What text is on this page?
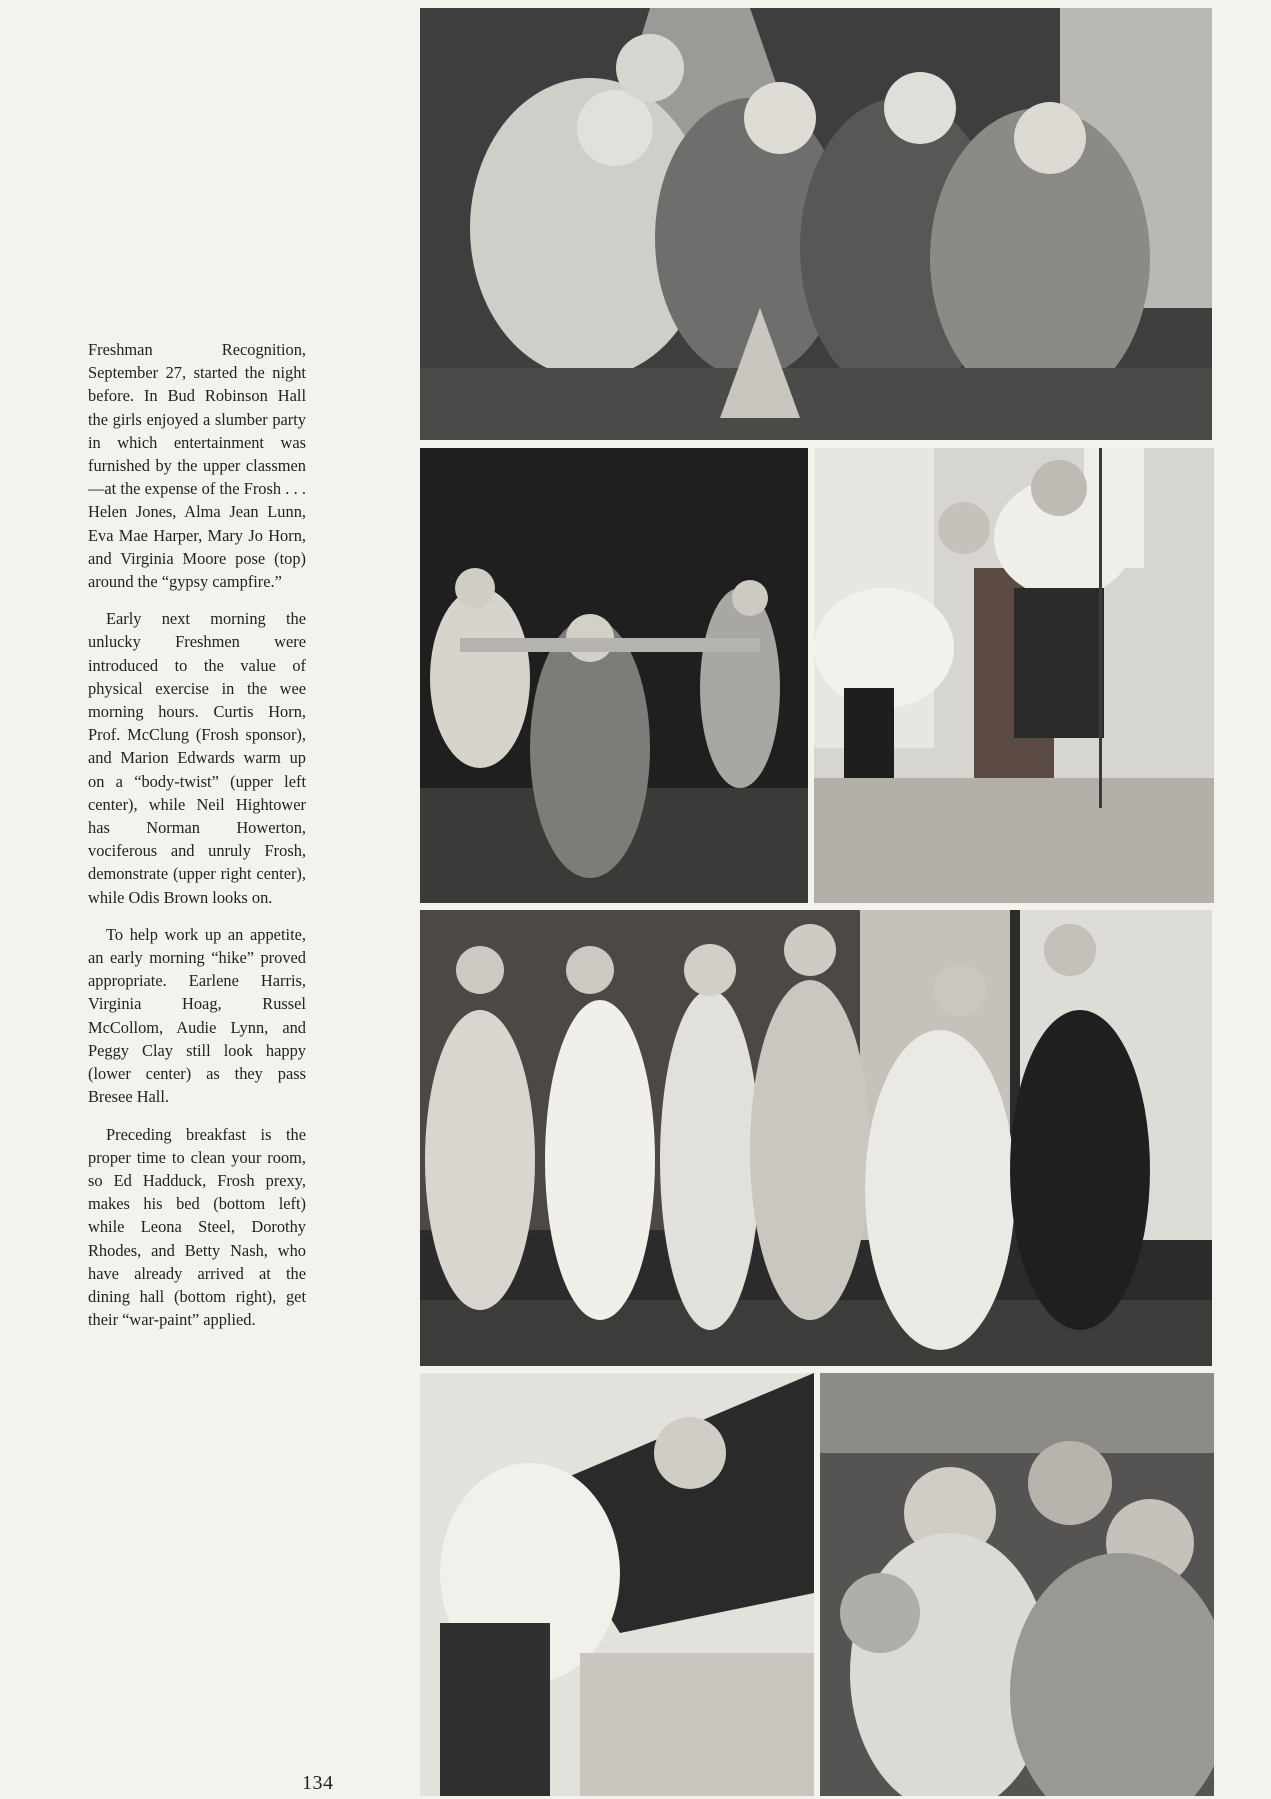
Freshman Recognition, September 27, started the night before. In Bud Robinson Hall the girls enjoyed a slumber party in which entertainment was furnished by the upper classmen—at the expense of the Frosh . . . Helen Jones, Alma Jean Lunn, Eva Mae Harper, Mary Jo Horn, and Virginia Moore pose (top) around the “gypsy campfire.”

Early next morning the unlucky Freshmen were introduced to the value of physical exercise in the wee morning hours. Curtis Horn, Prof. McClung (Frosh sponsor), and Marion Edwards warm up on a “body-twist” (upper left center), while Neil Hightower has Norman Howerton, vociferous and unruly Frosh, demonstrate (upper right center), while Odis Brown looks on.

To help work up an appetite, an early morning “hike” proved appropriate. Earlene Harris, Virginia Hoag, Russel McCollom, Audie Lynn, and Peggy Clay still look happy (lower center) as they pass Bresee Hall.

Preceding breakfast is the proper time to clean your room, so Ed Hadduck, Frosh prexy, makes his bed (bottom left) while Leona Steel, Dorothy Rhodes, and Betty Nash, who have already arrived at the dining hall (bottom right), get their “war-paint” applied.

134
